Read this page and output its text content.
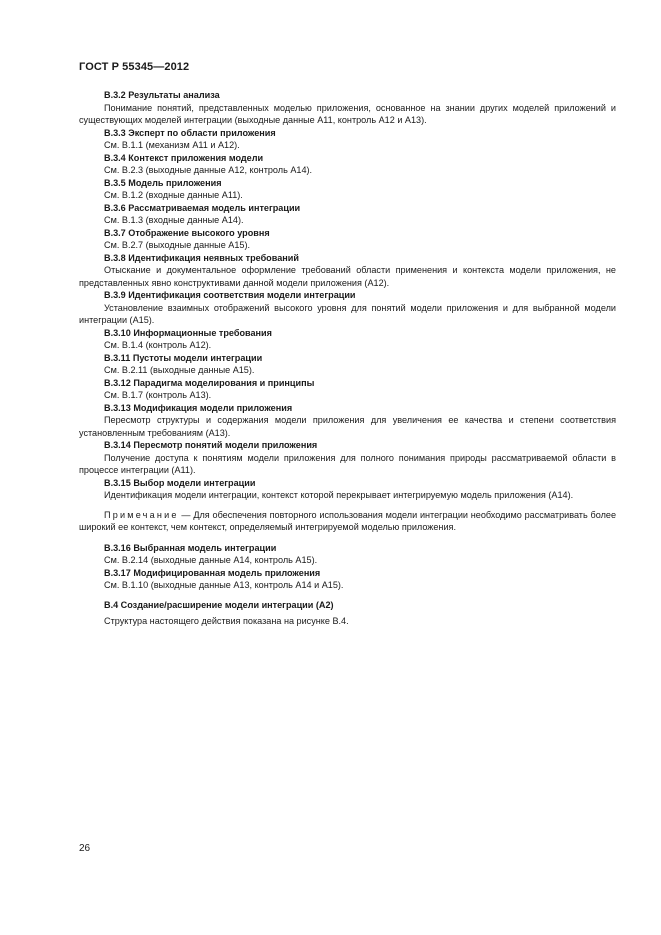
ГОСТ Р 55345—2012

В.3.2 Результаты анализа

Понимание понятий, представленных моделью приложения, основанное на знании других моделей приложений и существующих моделей интеграции (выходные данные А11, контроль А12 и А13).

В.3.3 Эксперт по области приложения

См. В.1.1 (механизм А11 и А12).

В.3.4 Контекст приложения модели

См. В.2.3 (выходные данные А12, контроль А14).

В.3.5 Модель приложения

См. В.1.2 (входные данные А11).

В.3.6 Рассматриваемая модель интеграции

См. В.1.3 (входные данные А14).

В.3.7 Отображение высокого уровня

См. В.2.7 (выходные данные А15).

В.3.8 Идентификация неявных требований

Отыскание и документальное оформление требований области применения и контекста модели приложения, не представленных явно конструктивами данной модели приложения (А12).

В.3.9 Идентификация соответствия модели интеграции

Установление взаимных отображений высокого уровня для понятий модели приложения и для выбранной модели интеграции (А15).

В.3.10 Информационные требования

См. В.1.4 (контроль А12).

В.3.11 Пустоты модели интеграции

См. В.2.11 (выходные данные А15).

В.3.12 Парадигма моделирования и принципы

См. В.1.7 (контроль А13).

В.3.13 Модификация модели приложения

Пересмотр структуры и содержания модели приложения для увеличения ее качества и степени соответствия установленным требованиям (А13).

В.3.14 Пересмотр понятий модели приложения

Получение доступа к понятиям модели приложения для полного понимания природы рассматриваемой области в процессе интеграции (А11).

В.3.15 Выбор модели интеграции

Идентификация модели интеграции, контекст которой перекрывает интегрируемую модель приложения (А14).

Примечание — Для обеспечения повторного использования модели интеграции необходимо рассматривать более широкий ее контекст, чем контекст, определяемый интегрируемой моделью приложения.

В.3.16 Выбранная модель интеграции

См. В.2.14 (выходные данные А14, контроль А15).

В.3.17 Модифицированная модель приложения

См. В.1.10 (выходные данные А13, контроль А14 и А15).

В.4 Создание/расширение модели интеграции (А2)

Структура настоящего действия показана на рисунке В.4.

26
